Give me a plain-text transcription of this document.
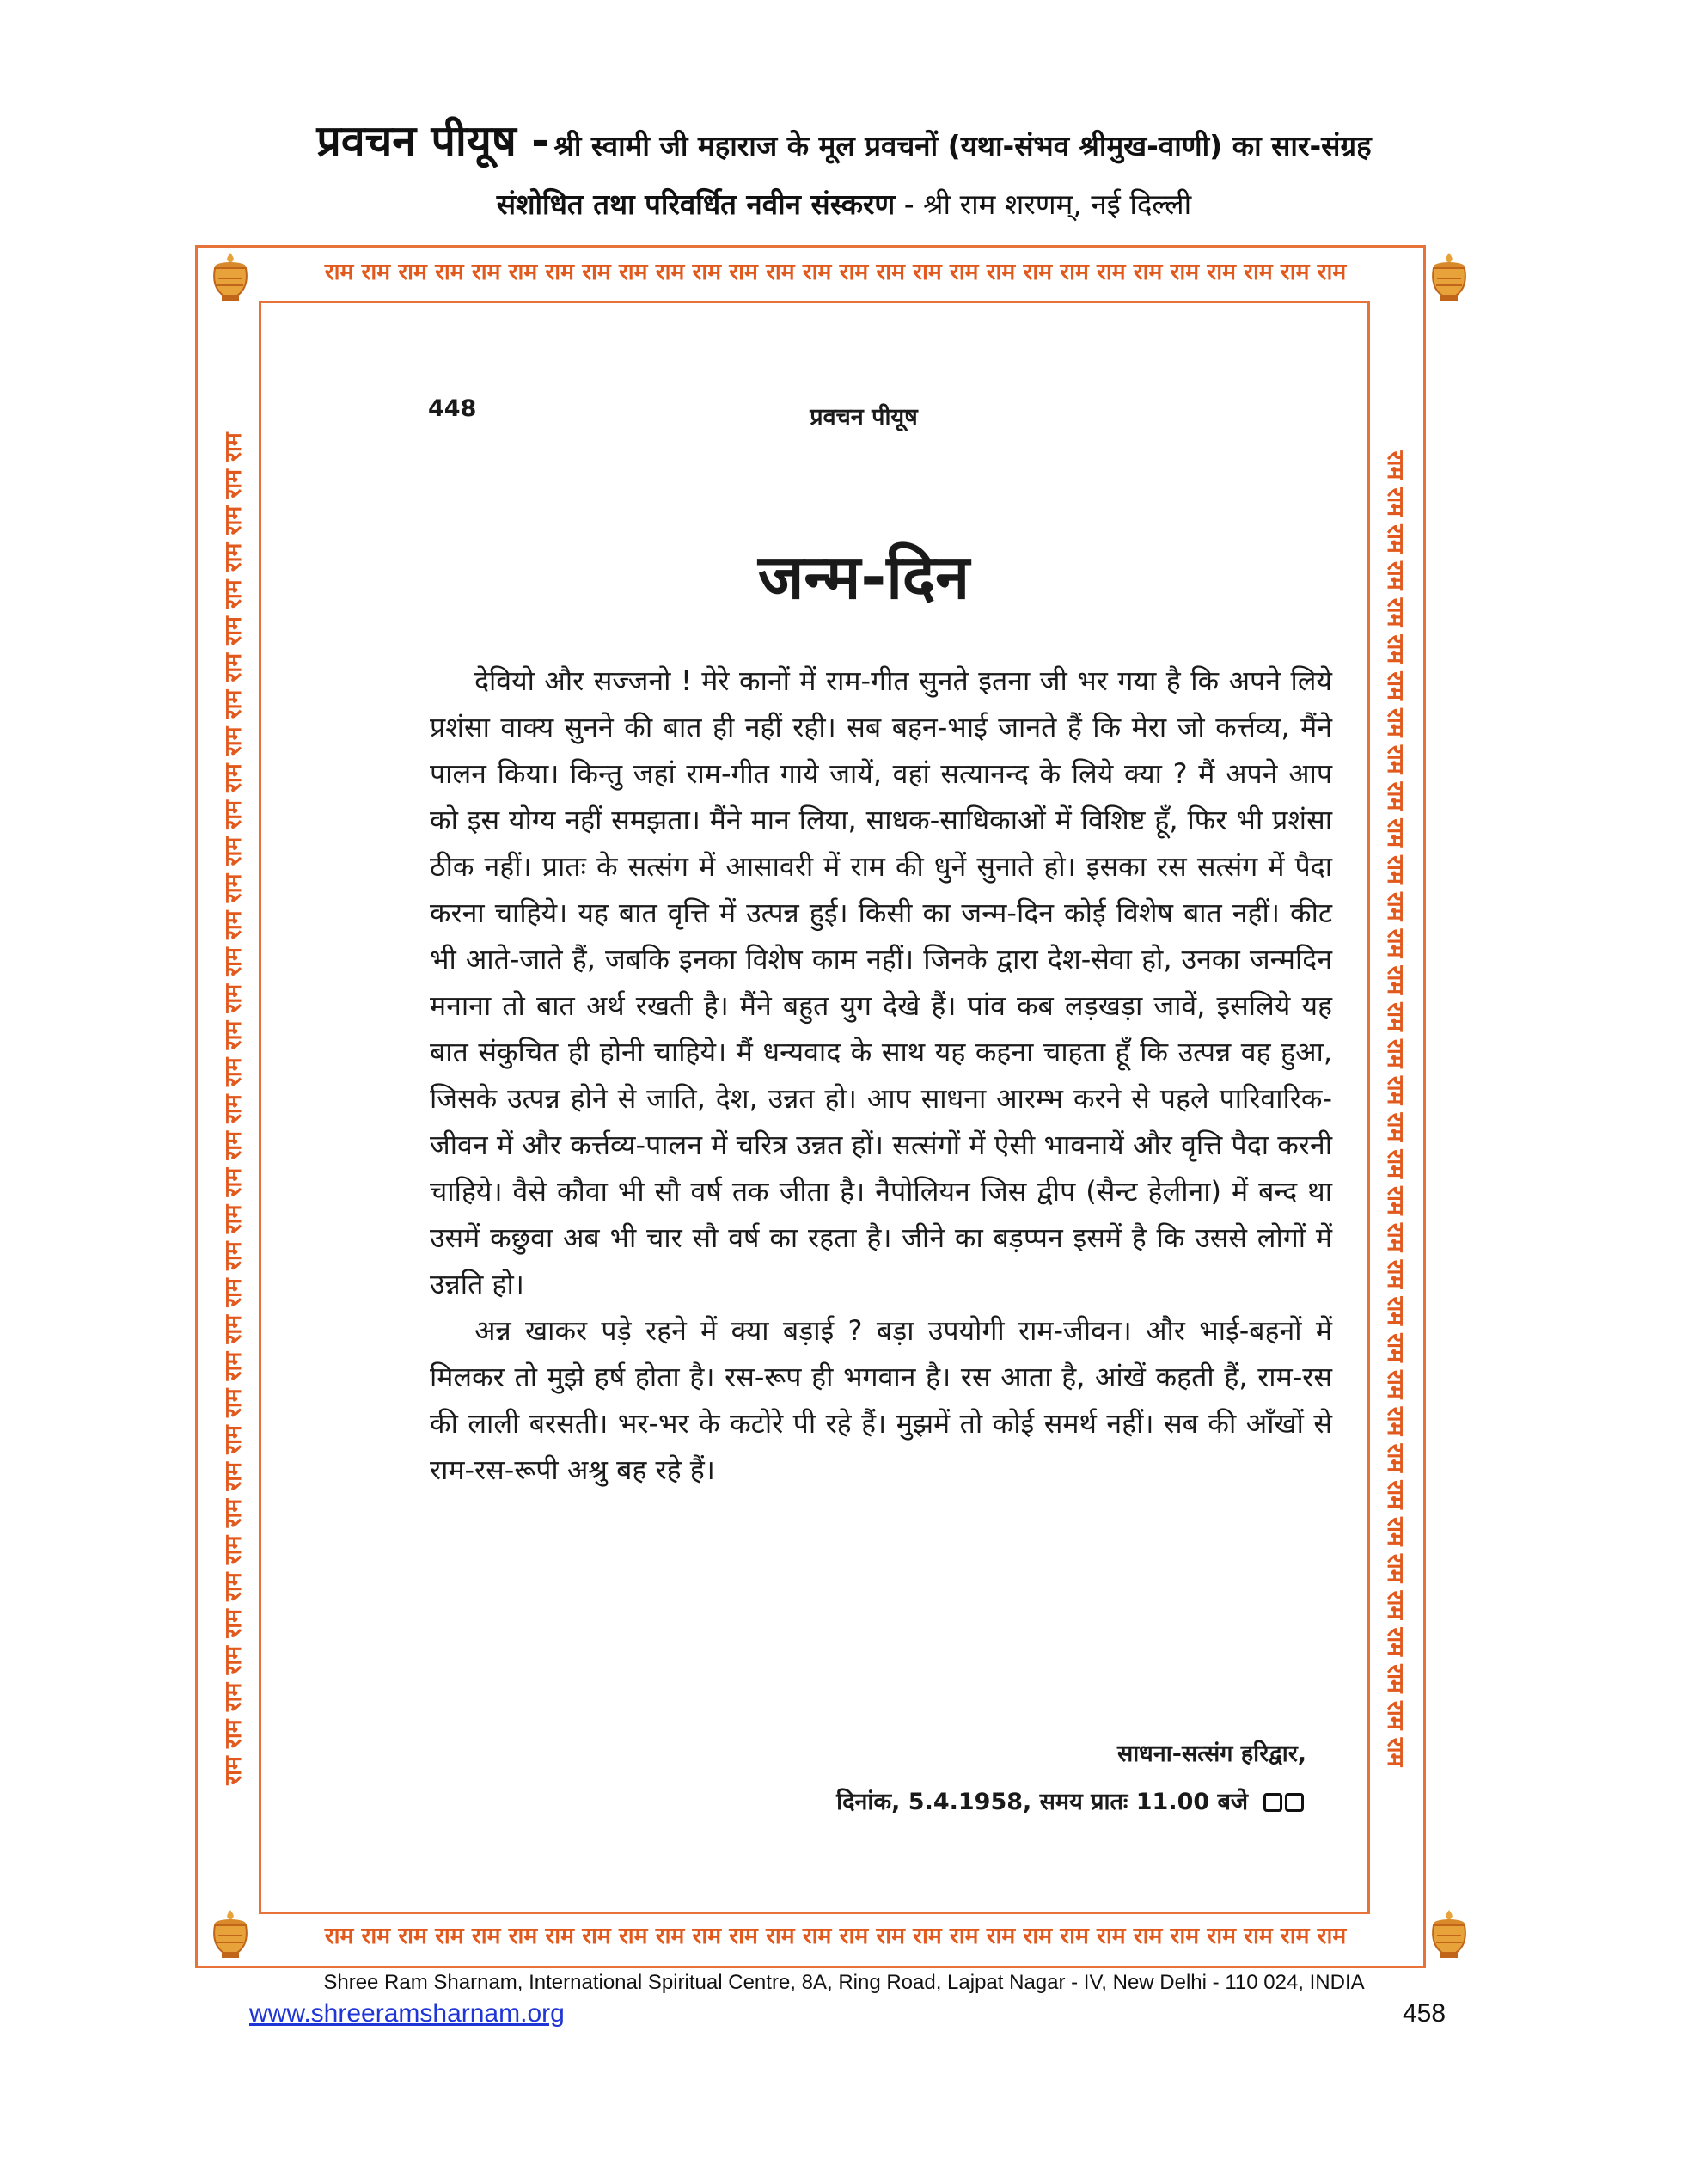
प्रवचन पीयूष - श्री स्वामी जी महाराज के मूल प्रवचनों (यथा-संभव श्रीमुख-वाणी) का सार-संग्रह
संशोधित तथा परिवर्धित नवीन संस्करण - श्री राम शरणम्, नई दिल्ली
राम राम राम राम राम राम राम राम राम राम राम राम राम राम राम राम राम राम राम राम राम राम राम राम राम राम राम राम
राम राम राम राम राम राम राम राम राम राम राम राम राम राम राम राम राम राम राम राम राम राम राम राम राम राम राम राम
राम राम राम राम राम राम राम राम राम राम राम राम राम राम राम राम राम राम राम राम राम राम राम राम राम राम राम राम राम राम राम राम राम राम राम राम राम	राम राम राम राम राम राम राम राम राम राम राम राम राम राम राम राम राम राम राम राम राम राम राम राम राम राम राम राम राम राम राम राम राम राम राम राम
448	प्रवचन पीयूष
जन्म-दिन

देवियो और सज्जनो ! मेरे कानों में राम-गीत सुनते इतना जी भर गया है कि अपने लिये प्रशंसा वाक्य सुनने की बात ही नहीं रही। सब बहन-भाई जानते हैं कि मेरा जो कर्त्तव्य, मैंने पालन किया। किन्तु जहां राम-गीत गाये जायें, वहां सत्यानन्द के लिये क्या ? मैं अपने आप को इस योग्य नहीं समझता। मैंने मान लिया, साधक-साधिकाओं में विशिष्ट हूँ, फिर भी प्रशंसा ठीक नहीं। प्रातः के सत्संग में आसावरी में राम की धुनें सुनाते हो। इसका रस सत्संग में पैदा करना चाहिये। यह बात वृत्ति में उत्पन्न हुई। किसी का जन्म-दिन कोई विशेष बात नहीं। कीट भी आते-जाते हैं, जबकि इनका विशेष काम नहीं। जिनके द्वारा देश-सेवा हो, उनका जन्मदिन मनाना तो बात अर्थ रखती है। मैंने बहुत युग देखे हैं। पांव कब लड़खड़ा जावें, इसलिये यह बात संकुचित ही होनी चाहिये। मैं धन्यवाद के साथ यह कहना चाहता हूँ कि उत्पन्न वह हुआ, जिसके उत्पन्न होने से जाति, देश, उन्नत हो। आप साधना आरम्भ करने से पहले पारिवारिक-जीवन में और कर्त्तव्य-पालन में चरित्र उन्नत हों। सत्संगों में ऐसी भावनायें और वृत्ति पैदा करनी चाहिये। वैसे कौवा भी सौ वर्ष तक जीता है। नैपोलियन जिस द्वीप (सैन्ट हेलीना) में बन्द था उसमें कछुवा अब भी चार सौ वर्ष का रहता है। जीने का बड़प्पन इसमें है कि उससे लोगों में उन्नति हो।

अन्न खाकर पड़े रहने में क्या बड़ाई ? बड़ा उपयोगी राम-जीवन। और भाई-बहनों में मिलकर तो मुझे हर्ष होता है। रस-रूप ही भगवान है। रस आता है, आंखें कहती हैं, राम-रस की लाली बरसती। भर-भर के कटोरे पी रहे हैं। मुझमें तो कोई समर्थ नहीं। सब की आँखों से राम-रस-रूपी अश्रु बह रहे हैं।

साधना-सत्संग हरिद्वार,
दिनांक, 5.4.1958, समय प्रातः 11.00 बजे
Shree Ram Sharnam, International Spiritual Centre, 8A, Ring Road, Lajpat Nagar - IV, New Delhi - 110 024, INDIA
www.shreeramsharnam.org	458
